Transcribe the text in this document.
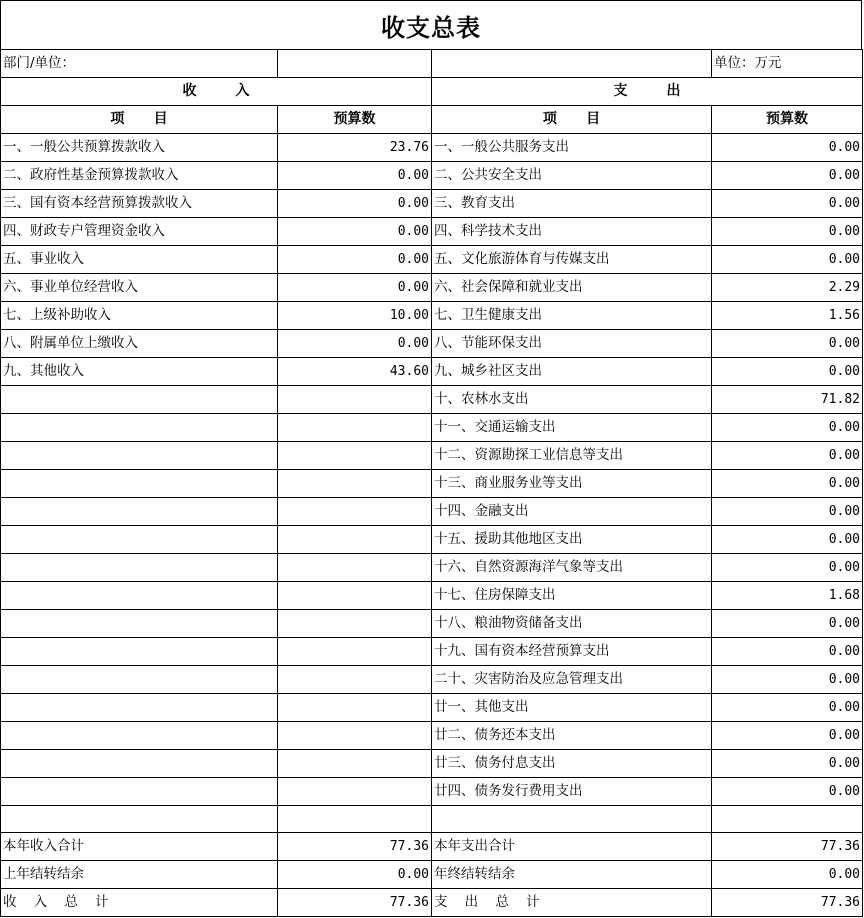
收支总表
部门/单位：			单位：万元
收        入		支        出	
项      目	预算数	项      目	预算数
一、一般公共预算拨款收入	23.76	一、一般公共服务支出	0.00
二、政府性基金预算拨款收入	0.00	二、公共安全支出	0.00
三、国有资本经营预算拨款收入	0.00	三、教育支出	0.00
四、财政专户管理资金收入	0.00	四、科学技术支出	0.00
五、事业收入	0.00	五、文化旅游体育与传媒支出	0.00
六、事业单位经营收入	0.00	六、社会保障和就业支出	2.29
七、上级补助收入	10.00	七、卫生健康支出	1.56
八、附属单位上缴收入	0.00	八、节能环保支出	0.00
九、其他收入	43.60	九、城乡社区支出	0.00
		十、农林水支出	71.82
		十一、交通运输支出	0.00
		十二、资源勘探工业信息等支出	0.00
		十三、商业服务业等支出	0.00
		十四、金融支出	0.00
		十五、援助其他地区支出	0.00
		十六、自然资源海洋气象等支出	0.00
		十七、住房保障支出	1.68
		十八、粮油物资储备支出	0.00
		十九、国有资本经营预算支出	0.00
		二十、灾害防治及应急管理支出	0.00
		廿一、其他支出	0.00
		廿二、债务还本支出	0.00
		廿三、债务付息支出	0.00
		廿四、债务发行费用支出	0.00

本年收入合计	77.36	本年支出合计	77.36
上年结转结余	0.00	年终结转结余	0.00
收    入    总    计	77.36	支    出    总    计	77.36
